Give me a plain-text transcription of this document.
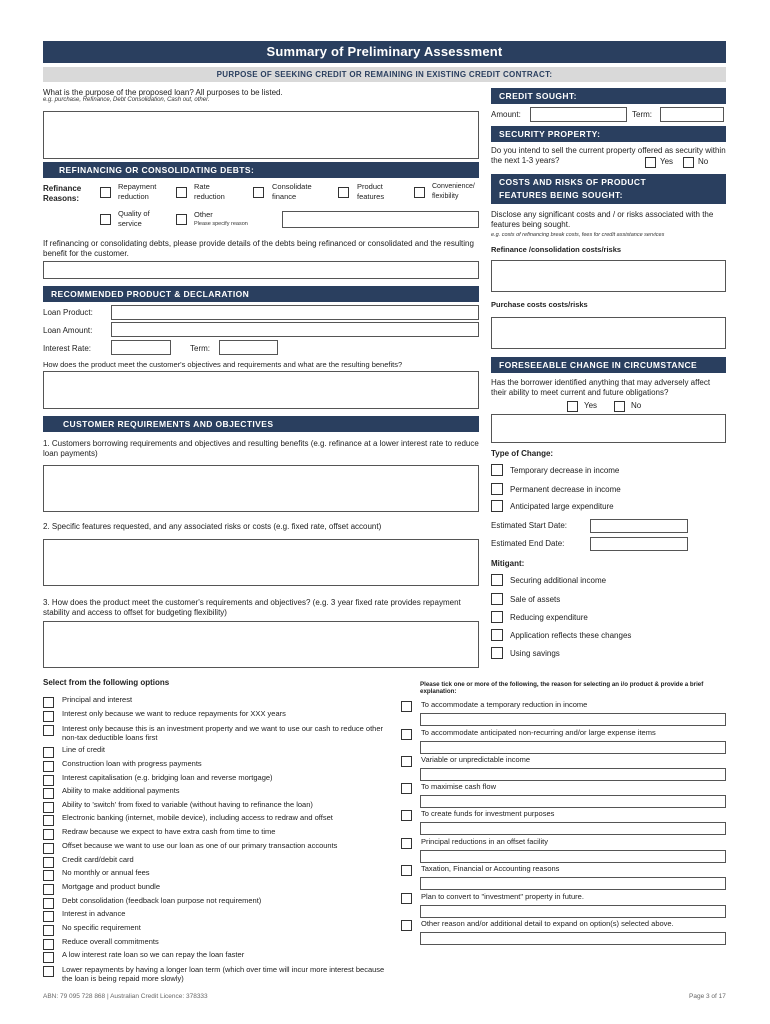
Summary of Preliminary Assessment
PURPOSE OF SEEKING CREDIT OR REMAINING IN EXISTING CREDIT CONTRACT:
What is the purpose of the proposed loan? All purposes to be listed.
e.g. purchase, Refinance, Debt Consolidation, Cash out, other.
REFINANCING OR CONSOLIDATING DEBTS:
Refinance
Reasons:
Repayment
reduction
Rate
reduction
Consolidate
finance
Product
features
Convenience/
flexibility
Quality of
service
Other
Please specify reason
If refinancing or consolidating debts, please provide details of the debts being refinanced or consolidated and the resulting benefit for the customer.
RECOMMENDED PRODUCT & DECLARATION
Loan Product:
Loan Amount:
Interest Rate:	Term:
How does the product meet the customer's objectives and requirements and what are the resulting benefits?
CUSTOMER REQUIREMENTS AND OBJECTIVES
1. Customers borrowing requirements and objectives and resulting benefits (e.g. refinance at a lower interest rate to reduce loan payments)
2. Specific features requested, and any associated risks or costs (e.g. fixed rate, offset account)
3. How does the product meet the customer's requirements and objectives? (e.g. 3 year fixed rate provides repayment stability and access to offset for budgeting flexibility)
Select from the following options
Principal and interest
Interest only because we want to reduce repayments for XXX years
Interest only because this is an investment property and we want to use our cash to reduce other non-tax deductible loans first
Line of credit
Construction loan with progress payments
Interest capitalisation (e.g. bridging loan and reverse mortgage)
Ability to make additional payments
Ability to 'switch' from fixed to variable (without having to refinance the loan)
Electronic banking (internet, mobile device), including access to redraw and offset
Redraw because we expect to have extra cash from time to time
Offset because we want to use our loan as one of our primary transaction accounts
Credit card/debit card
No monthly or annual fees
Mortgage and product bundle
Debt consolidation (feedback loan purpose not requirement)
Interest in advance
No specific requirement
Reduce overall commitments
A low interest rate loan so we can repay the loan faster
Lower repayments by having a longer loan term (which over time will incur more interest because the loan is being repaid more slowly)
CREDIT SOUGHT:
Amount:	Term:
SECURITY PROPERTY:
Do you intend to sell the current property offered as security within the next 1-3 years?	Yes	No
COSTS AND RISKS OF PRODUCT
FEATURES BEING SOUGHT:
Disclose any significant costs and / or risks associated with the features being sought.
e.g. costs of refinancing break costs, fees for credit assistance services
Refinance /consolidation costs/risks
Purchase costs costs/risks
FORESEEABLE CHANGE IN CIRCUMSTANCE
Has the borrower identified anything that may adversely affect their ability to meet current and future obligations?
Yes	No
Type of Change:
Temporary decrease in income
Permanent decrease in income
Anticipated large expenditure
Estimated Start Date:
Estimated End Date:
Mitigant:
Securing additional income
Sale of assets
Reducing expenditure
Application reflects these changes
Using savings
Please tick one or more of the following, the reason for selecting an i/o product & provide a brief explanation:
To accommodate a temporary reduction in income
To accommodate anticipated non-recurring and/or large expense items
Variable or unpredictable income
To maximise cash flow
To create funds for investment purposes
Principal reductions in an offset facility
Taxation, Financial or Accounting reasons
Plan to convert to "investment" property in future.
Other reason and/or additional detail to expand on option(s) selected above.
ABN: 79 095 728 868 | Australian Credit Licence: 378333	Page 3 of 17
